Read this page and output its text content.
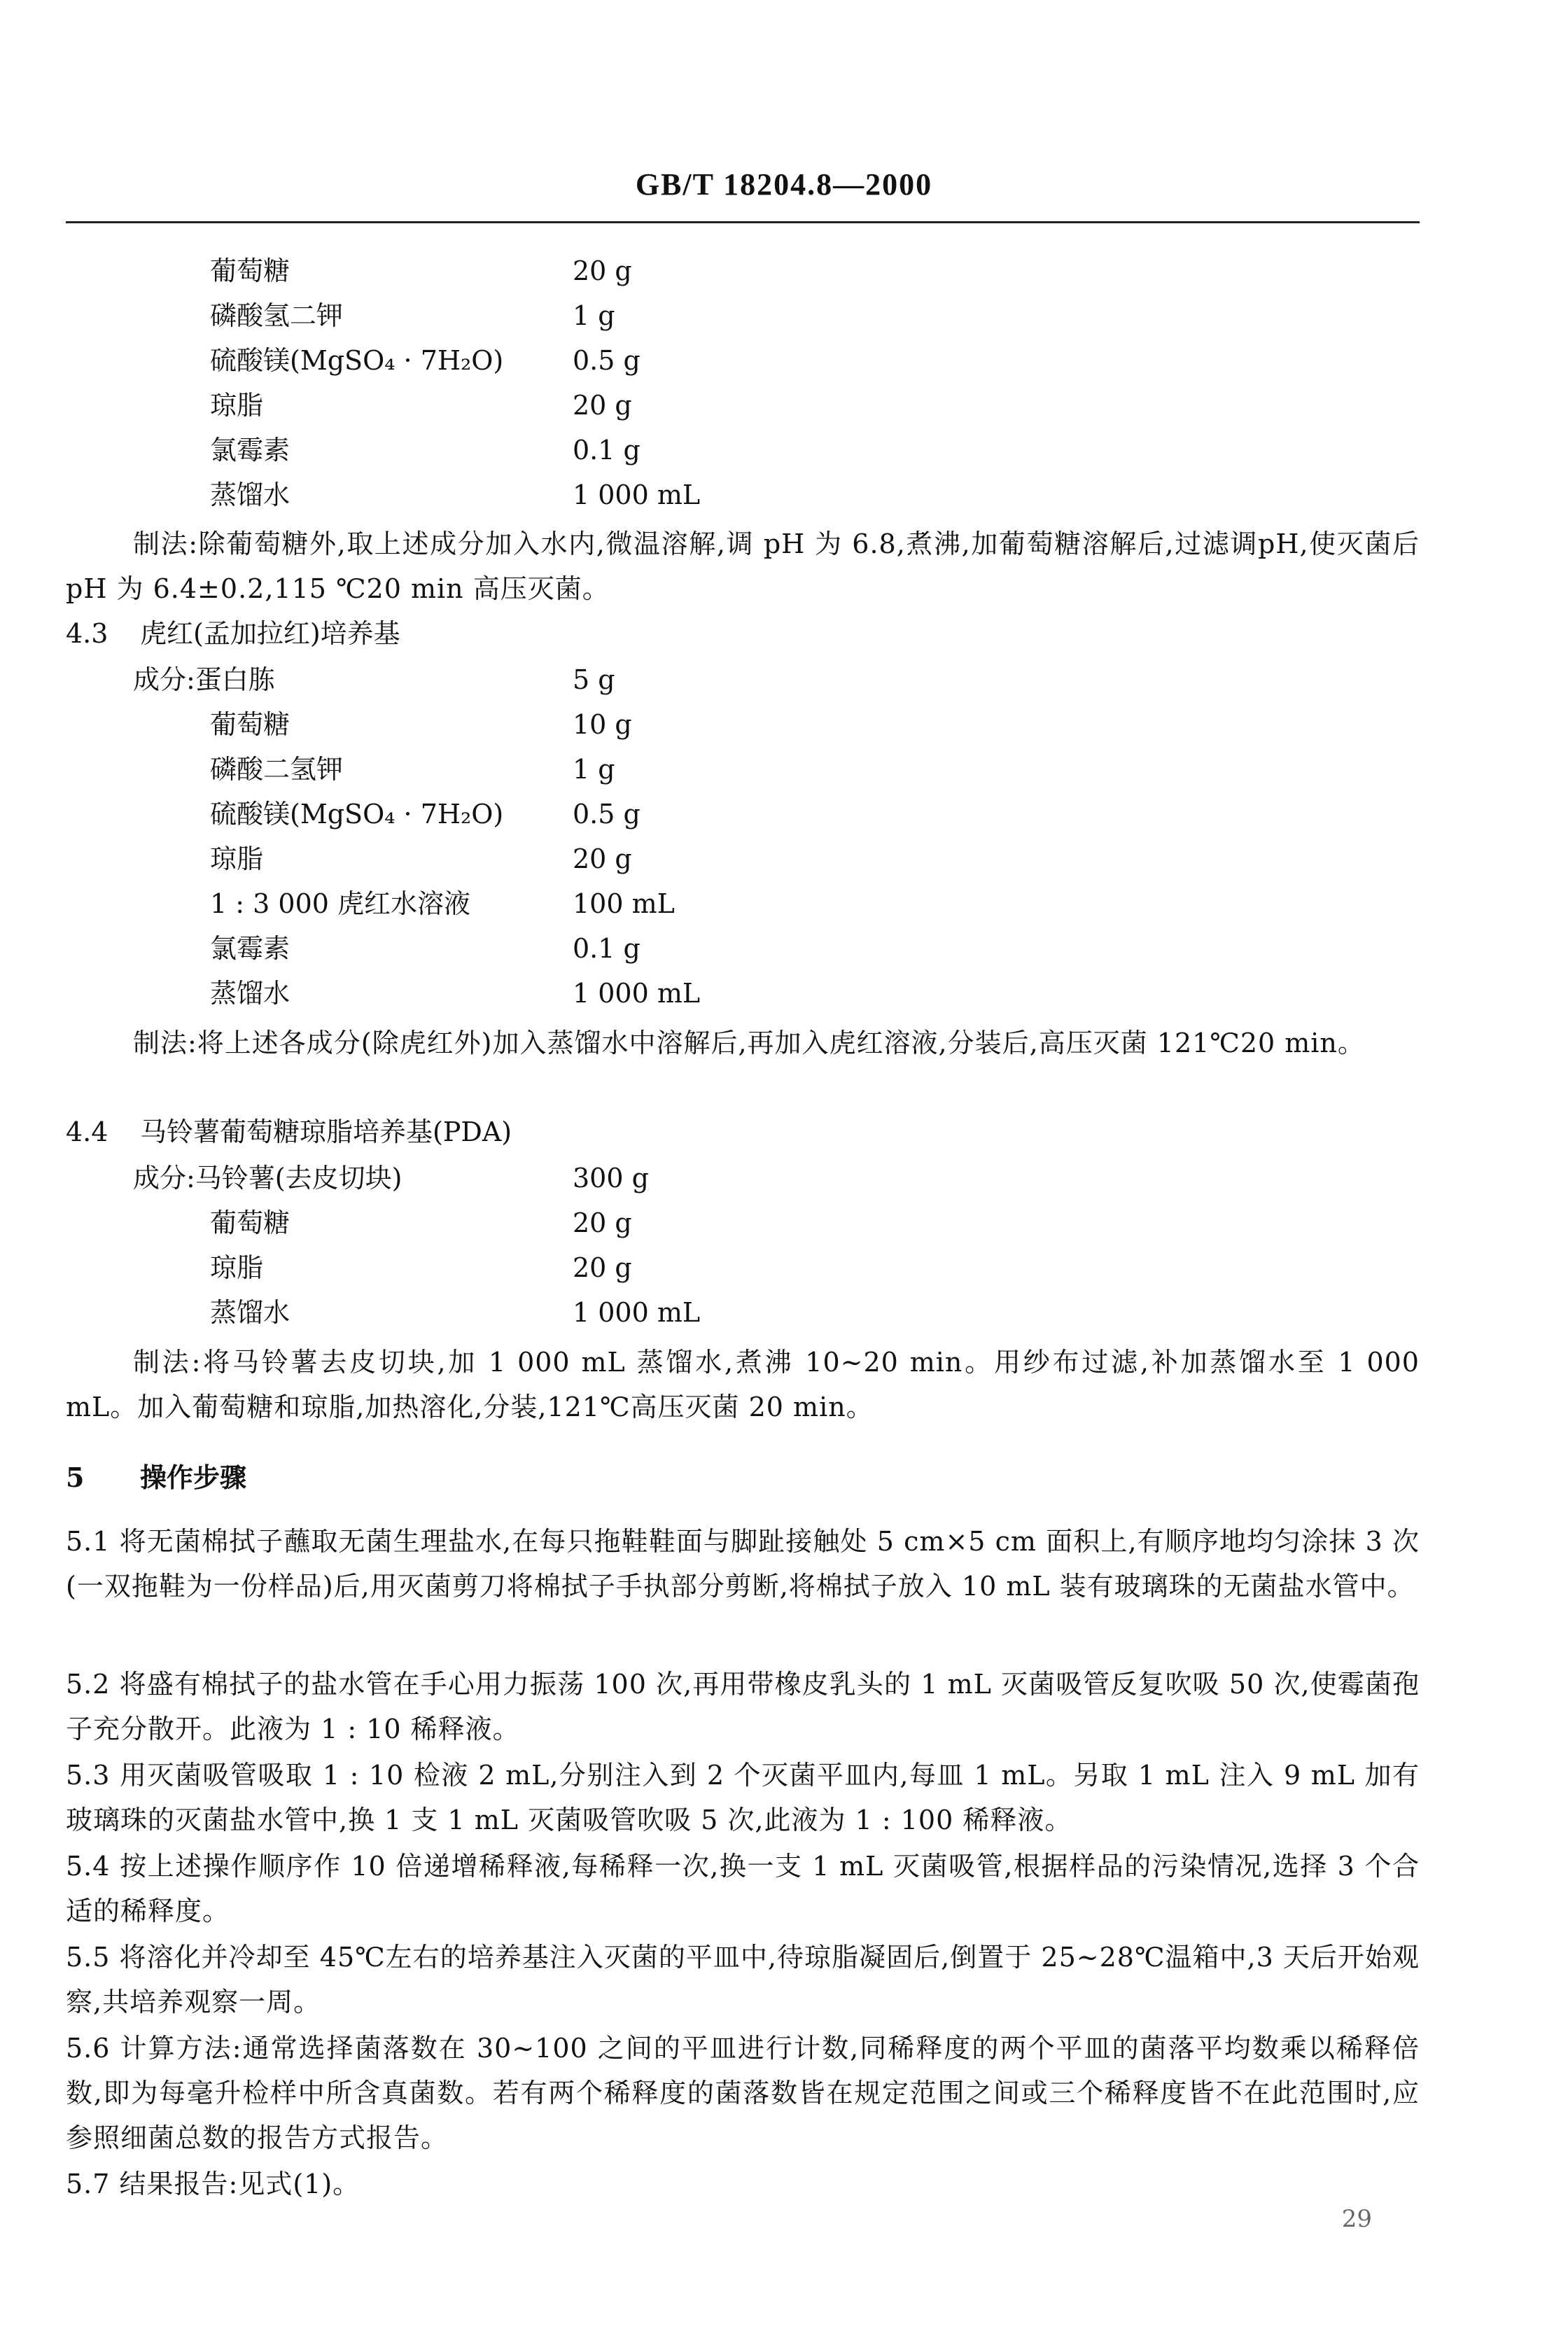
GB/T 18204.8—2000
葡萄糖	20 g
磷酸氢二钾	1 g
硫酸镁(MgSO₄ · 7H₂O)	0.5 g
琼脂	20 g
氯霉素	0.1 g
蒸馏水	1 000 mL
制法:除葡萄糖外,取上述成分加入水内,微温溶解,调 pH 为 6.8,煮沸,加葡萄糖溶解后,过滤调pH,使灭菌后 pH 为 6.4±0.2,115 ℃20 min 高压灭菌。
4.3 虎红(孟加拉红)培养基
成分:蛋白胨	5 g
葡萄糖	10 g
磷酸二氢钾	1 g
硫酸镁(MgSO₄ · 7H₂O)	0.5 g
琼脂	20 g
1 : 3 000 虎红水溶液	100 mL
氯霉素	0.1 g
蒸馏水	1 000 mL
制法:将上述各成分(除虎红外)加入蒸馏水中溶解后,再加入虎红溶液,分装后,高压灭菌 121℃20 min。
4.4 马铃薯葡萄糖琼脂培养基(PDA)
成分:马铃薯(去皮切块)	300 g
葡萄糖	20 g
琼脂	20 g
蒸馏水	1 000 mL
制法:将马铃薯去皮切块,加 1 000 mL 蒸馏水,煮沸 10~20 min。用纱布过滤,补加蒸馏水至 1 000 mL。加入葡萄糖和琼脂,加热溶化,分装,121℃高压灭菌 20 min。
5 操作步骤
5.1 将无菌棉拭子蘸取无菌生理盐水,在每只拖鞋鞋面与脚趾接触处 5 cm×5 cm 面积上,有顺序地均匀涂抹 3 次(一双拖鞋为一份样品)后,用灭菌剪刀将棉拭子手执部分剪断,将棉拭子放入 10 mL 装有玻璃珠的无菌盐水管中。
5.2 将盛有棉拭子的盐水管在手心用力振荡 100 次,再用带橡皮乳头的 1 mL 灭菌吸管反复吹吸 50 次,使霉菌孢子充分散开。此液为 1 : 10 稀释液。
5.3 用灭菌吸管吸取 1 : 10 检液 2 mL,分别注入到 2 个灭菌平皿内,每皿 1 mL。另取 1 mL 注入 9 mL 加有玻璃珠的灭菌盐水管中,换 1 支 1 mL 灭菌吸管吹吸 5 次,此液为 1 : 100 稀释液。
5.4 按上述操作顺序作 10 倍递增稀释液,每稀释一次,换一支 1 mL 灭菌吸管,根据样品的污染情况,选择 3 个合适的稀释度。
5.5 将溶化并冷却至 45℃左右的培养基注入灭菌的平皿中,待琼脂凝固后,倒置于 25~28℃温箱中,3 天后开始观察,共培养观察一周。
5.6 计算方法:通常选择菌落数在 30~100 之间的平皿进行计数,同稀释度的两个平皿的菌落平均数乘以稀释倍数,即为每毫升检样中所含真菌数。若有两个稀释度的菌落数皆在规定范围之间或三个稀释度皆不在此范围时,应参照细菌总数的报告方式报告。
5.7 结果报告:见式(1)。
29
